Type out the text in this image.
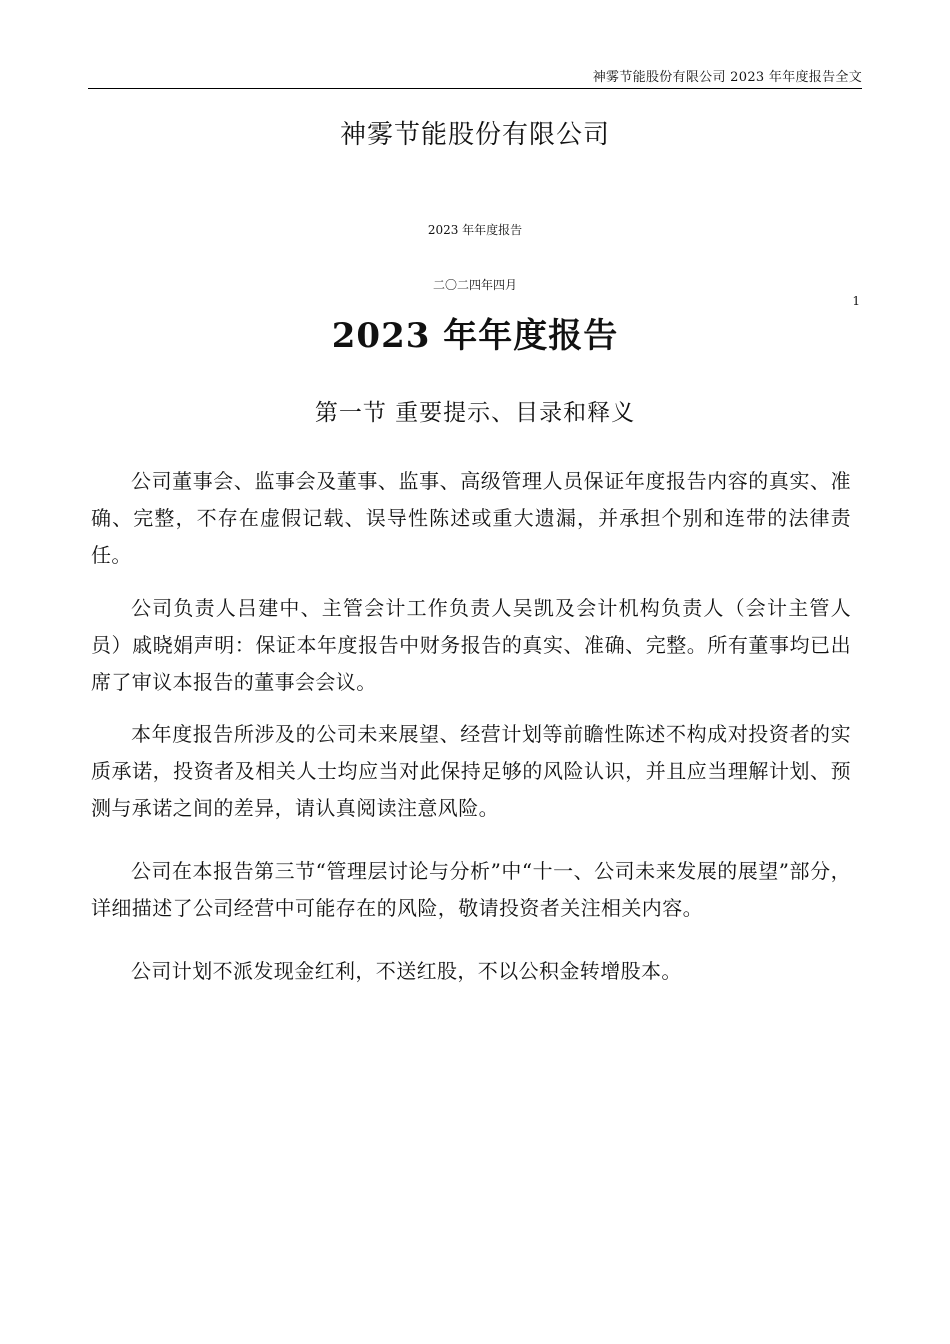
神雾节能股份有限公司 2023 年年度报告全文
神雾节能股份有限公司
2023 年年度报告
二〇二四年四月
1
2023 年年度报告
第一节 重要提示、目录和释义

公司董事会、监事会及董事、监事、高级管理人员保证年度报告内容的真实、准确、完整，不存在虚假记载、误导性陈述或重大遗漏，并承担个别和连带的法律责任。

公司负责人吕建中、主管会计工作负责人吴凯及会计机构负责人（会计主管人员）戚晓娟声明：保证本年度报告中财务报告的真实、准确、完整。所有董事均已出席了审议本报告的董事会会议。

本年度报告所涉及的公司未来展望、经营计划等前瞻性陈述不构成对投资者的实质承诺，投资者及相关人士均应当对此保持足够的风险认识，并且应当理解计划、预测与承诺之间的差异，请认真阅读注意风险。

公司在本报告第三节“管理层讨论与分析”中“十一、公司未来发展的展望”部分，详细描述了公司经营中可能存在的风险，敬请投资者关注相关内容。

公司计划不派发现金红利，不送红股，不以公积金转增股本。
